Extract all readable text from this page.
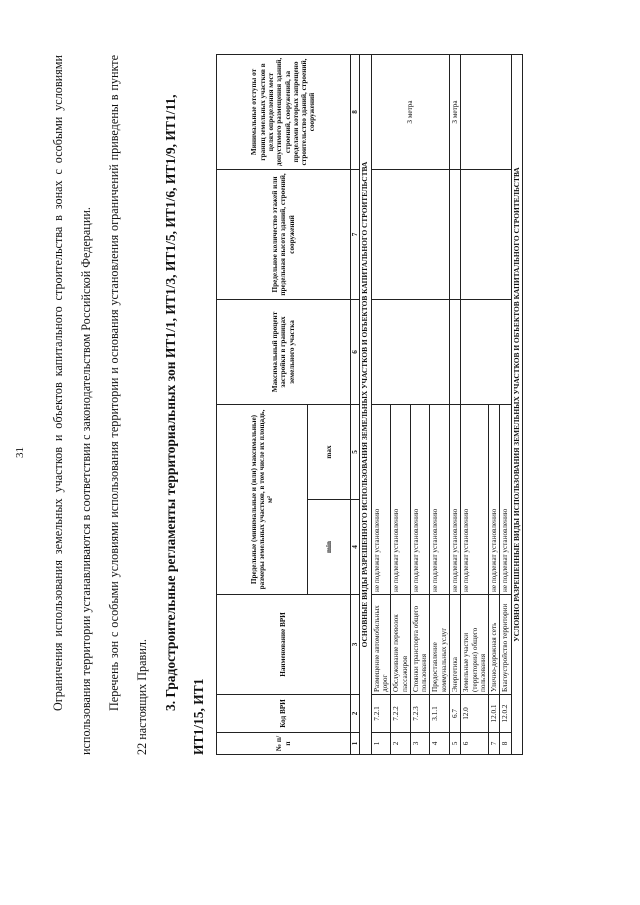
31	Ограничения использования земельных участков и объектов капитального строительства в зонах с особыми условиями использования территории устанавливаются в соответствии с законодательством Российской Федерации.	Перечень зон с особыми условиями использования территории и основания установления ограничений приведены в пункте 22 настоящих Правил.	3. Градостроительные регламенты территориальных зон ИТ1/1, ИТ1/3, ИТ1/5, ИТ1/6, ИТ1/9, ИТ1/11, ИТ1/15, ИТ1	№ п/п	Код ВРИ	Наименование ВРИ	Предельные (минимальные и (или) максимальные) размеры земельных участков, в том числе их площадь, м²		Максимальный процент застройки в границах земельного участка	Предельное количество этажей или предельная высота зданий, строений, сооружений	Минимальные отступы от границ земельных участков в целях определения мест допустимого размещения зданий, строений, сооружений, за пределами которых запрещено строительство зданий, строений, сооружений
			min	max			
1	2	3	4	5	6	7	8
ОСНОВНЫЕ ВИДЫ РАЗРЕШЕННОГО ИСПОЛЬЗОВАНИЯ ЗЕМЕЛЬНЫХ УЧАСТКОВ И ОБЪЕКТОВ КАПИТАЛЬНОГО СТРОИТЕЛЬСТВА							
1	7.2.1	Размещение автомобильных дорог	не подлежат установлению				3 метра
2	7.2.2	Обслуживание перевозок пассажиров	не подлежат установлению				
3	7.2.3	Стоянки транспорта общего пользования	не подлежат установлению				
4	3.1.1	Предоставление коммунальных услуг	не подлежат установлению				
5	6.7	Энергетика	не подлежат установлению				3 метра
6	12.0	Земельные участки (территории) общего пользования	не подлежат установлению				
7	12.0.1	Улично-дорожная сеть	не подлежат установлению				
8	12.0.2	Благоустройство территории	не подлежат установлению				
УСЛОВНО РАЗРЕШЕННЫЕ ВИДЫ ИСПОЛЬЗОВАНИЯ ЗЕМЕЛЬНЫХ УЧАСТКОВ И ОБЪЕКТОВ КАПИТАЛЬНОГО СТРОИТЕЛЬСТВА							
